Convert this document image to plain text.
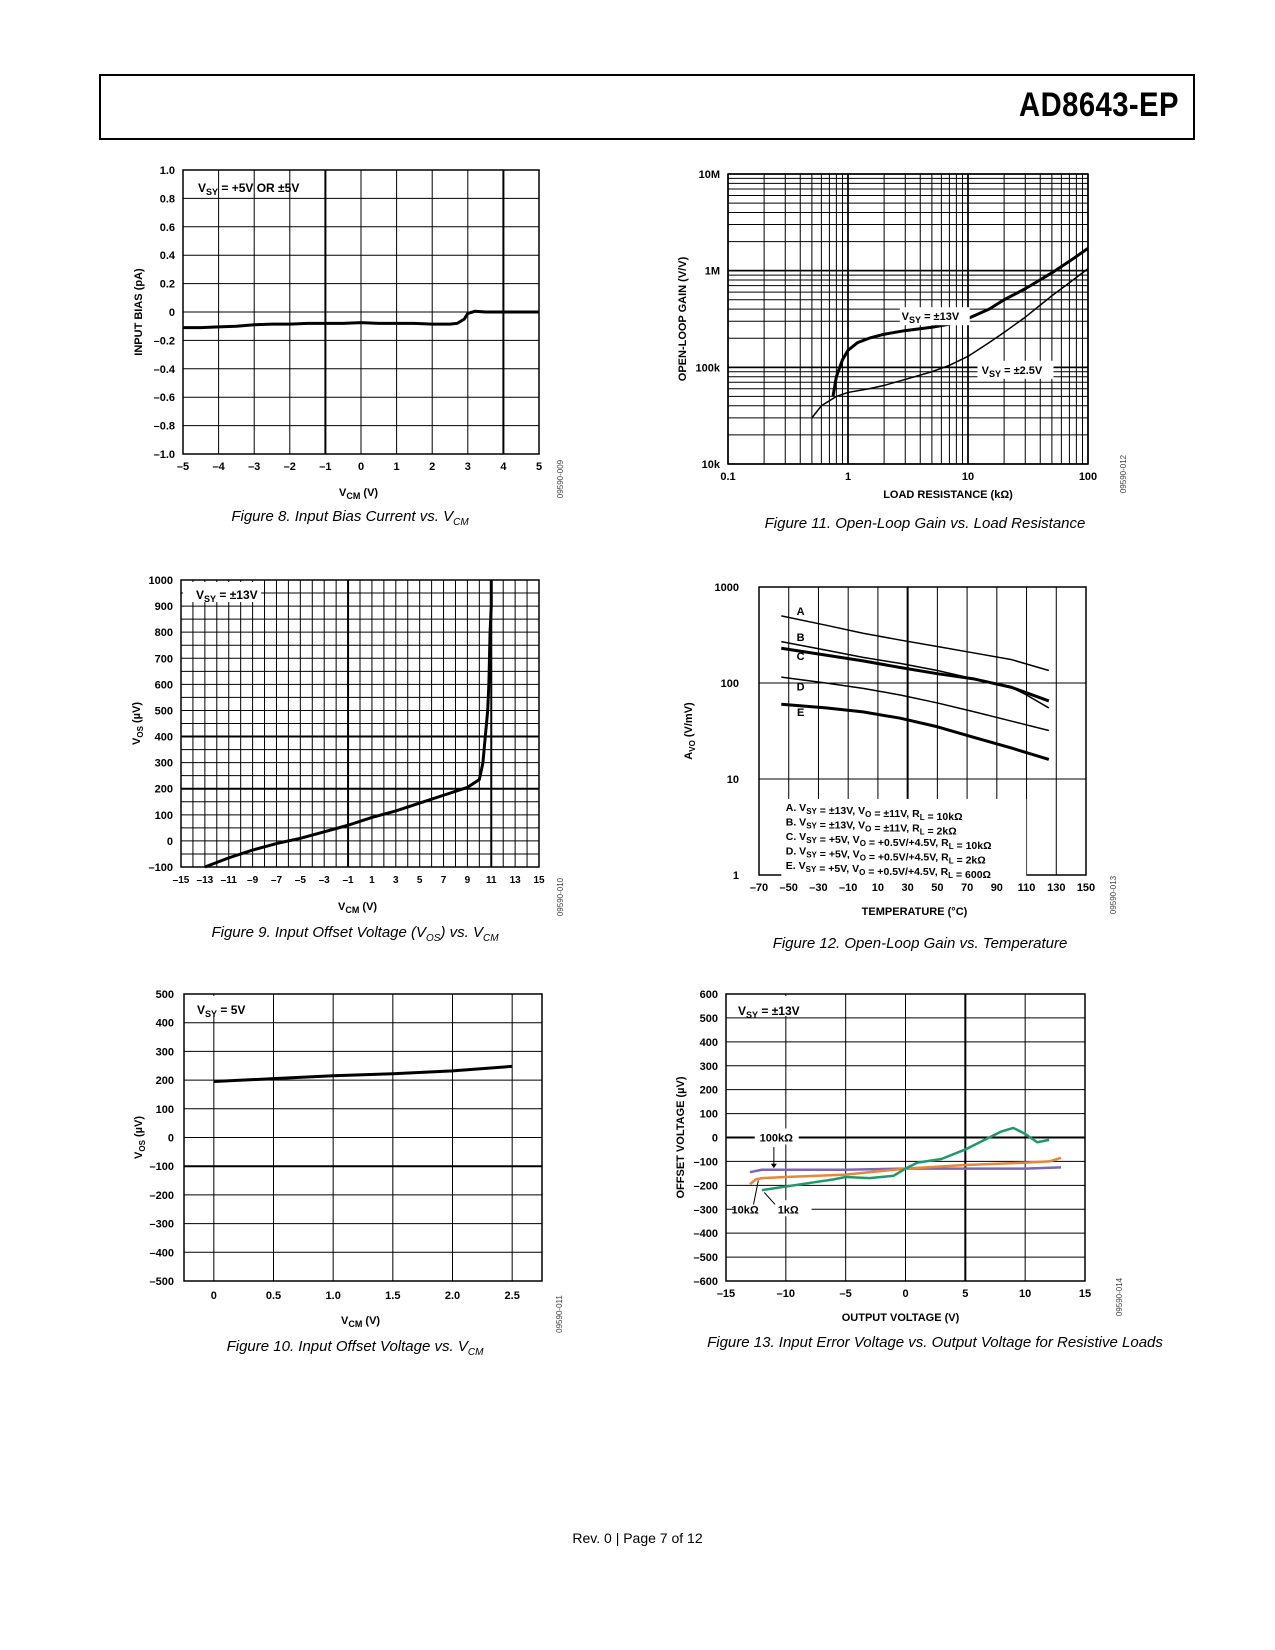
AD8643-EP
–5 –4 –3 –2 –1 0	1	2	3	4	5
1.0
0.8
0.6
0.4
0.2
0
–0.2
–0.4
–0.6
–0.8
–1.0
$V_{SY} = +5V$ OR ±5V
INPUT BIAS (pA)
$V_{CM}$ (V)	09590-009
Figure 8. Input Bias Current vs. $V_{CM}$
–15 –13 –11 –9 –7 –5 –3 –1 1 3 5 7 9 11 13 15
1000
900
800
700
600
500
400
300
200
100
0
–100
$V_{SY} = \pm 13V$
$V_{OS}$ (µV)
$V_{CM}$ (V)	09590-010
Figure 9. Input Offset Voltage $(V_{OS})$ vs. $V_{CM}$
0	0.5	1.0	1.5	2.0	2.5
500
400
300
200
100
0
–100
–200
–300
–400
–500
$V_{SY} = 5V$
$V_{OS}$ (µV)
$V_{CM}$ (V)	09590-011
Figure 10. Input Offset Voltage vs. $V_{CM}$
0.1	1	10	100
10M
1M
100k
10k
$V_{SY} = \pm 13V$
$V_{SY} = \pm 2.5V$
OPEN-LOOP GAIN (V/V)
LOAD RESISTANCE (kΩ)
09590-012
Figure 11. Open-Loop Gain vs. Load Resistance
–70 –50 –30 –10 10 30 50 70 90 110 130 150
1000
100
10
1
A
B
C
D
E
A. $V_{SY} = \pm 13V$, $V_O = \pm 11V$, $R_L = 10k\Omega$
B. $V_{SY} = \pm 13V$, $V_O = \pm 11V$, $R_L = 2k\Omega$
C. $V_{SY} = +5V$, $V_O = +0.5V/+4.5V$, $R_L = 10k\Omega$
D. $V_{SY} = +5V$, $V_O = +0.5V/+4.5V$, $R_L = 2k\Omega$
E. $V_{SY} = +5V$, $V_O = +0.5V/+4.5V$, $R_L = 600\Omega$
$A_{VO}$ (V/mV)
TEMPERATURE (°C)	09590-013
Figure 12. Open-Loop Gain vs. Temperature
–15	–10	–5	0	5	10	15
600
500
400
300
200
100
0
–100
–200
–300
–400
–500
–600
$V_{SY} = \pm 13V$
100kΩ
10kΩ 1kΩ
OFFSET VOLTAGE (µV)
OUTPUT VOLTAGE (V)
09590-014
Figure 13. Input Error Voltage vs. Output Voltage for Resistive Loads
Rev. 0 | Page 7 of 12
